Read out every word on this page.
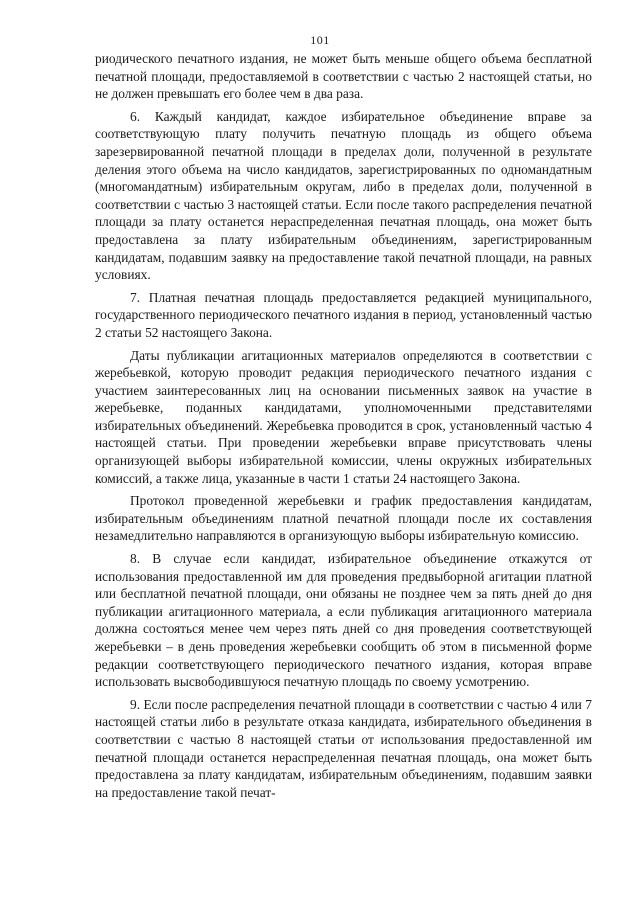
101

риодического печатного издания, не может быть меньше общего объема бесплатной печатной площади, предоставляемой в соответствии с частью 2 настоящей статьи, но не должен превышать его более чем в два раза.

6. Каждый кандидат, каждое избирательное объединение вправе за соответствующую плату получить печатную площадь из общего объема зарезервированной печатной площади в пределах доли, полученной в результате деления этого объема на число кандидатов, зарегистрированных по одномандатным (многомандатным) избирательным округам, либо в пределах доли, полученной в соответствии с частью 3 настоящей статьи. Если после такого распределения печатной площади за плату останется нераспределенная печатная площадь, она может быть предоставлена за плату избирательным объединениям, зарегистрированным кандидатам, подавшим заявку на предоставление такой печатной площади, на равных условиях.

7. Платная печатная площадь предоставляется редакцией муниципального, государственного периодического печатного издания в период, установленный частью 2 статьи 52 настоящего Закона.

Даты публикации агитационных материалов определяются в соответствии с жеребьевкой, которую проводит редакция периодического печатного издания с участием заинтересованных лиц на основании письменных заявок на участие в жеребьевке, поданных кандидатами, уполномоченными представителями избирательных объединений. Жеребьевка проводится в срок, установленный частью 4 настоящей статьи. При проведении жеребьевки вправе присутствовать члены организующей выборы избирательной комиссии, члены окружных избирательных комиссий, а также лица, указанные в части 1 статьи 24 настоящего Закона.

Протокол проведенной жеребьевки и график предоставления кандидатам, избирательным объединениям платной печатной площади после их составления незамедлительно направляются в организующую выборы избирательную комиссию.

8. В случае если кандидат, избирательное объединение откажутся от использования предоставленной им для проведения предвыборной агитации платной или бесплатной печатной площади, они обязаны не позднее чем за пять дней до дня публикации агитационного материала, а если публикация агитационного материала должна состояться менее чем через пять дней со дня проведения соответствующей жеребьевки – в день проведения жеребьевки сообщить об этом в письменной форме редакции соответствующего периодического печатного издания, которая вправе использовать высвободившуюся печатную площадь по своему усмотрению.

9. Если после распределения печатной площади в соответствии с частью 4 или 7 настоящей статьи либо в результате отказа кандидата, избирательного объединения в соответствии с частью 8 настоящей статьи от использования предоставленной им печатной площади останется нераспределенная печатная площадь, она может быть предоставлена за плату кандидатам, избирательным объединениям, подавшим заявки на предоставление такой печат-
